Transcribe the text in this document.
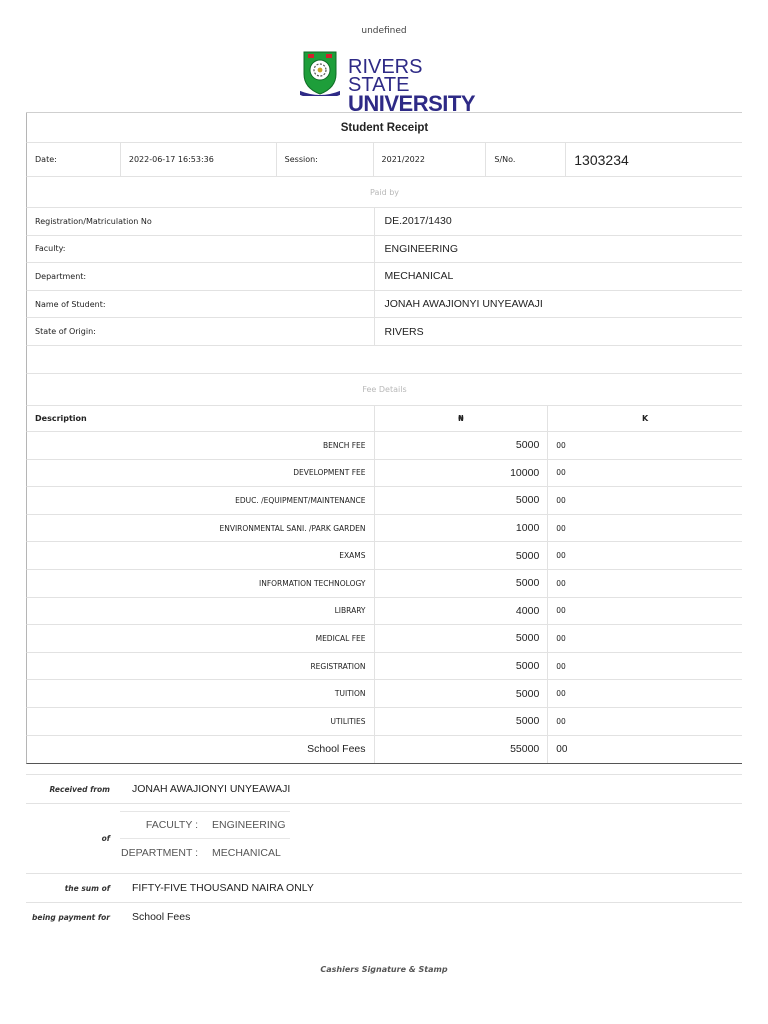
undefined
RIVERS STATE
UNIVERSITY
Student Receipt
Date:	2022-06-17 16:53:36	Session:	2021/2022	S/No.	1303234
Paid by
Registration/Matriculation No	DE.2017/1430
Faculty:	ENGINEERING
Department:	MECHANICAL
Name of Student:	JONAH AWAJIONYI UNYEAWAJI
State of Origin:	RIVERS
Fee Details
Description	₦	K
BENCH FEE	5000	00
DEVELOPMENT FEE	10000	00
EDUC. /EQUIPMENT/MAINTENANCE	5000	00
ENVIRONMENTAL SANI. /PARK GARDEN	1000	00
EXAMS	5000	00
INFORMATION TECHNOLOGY	5000	00
LIBRARY	4000	00
MEDICAL FEE	5000	00
REGISTRATION	5000	00
TUITION	5000	00
UTILITIES	5000	00
School Fees	55000	00
Received from	JONAH AWAJIONYI UNYEAWAJI
of
FACULTY :	ENGINEERING
DEPARTMENT :	MECHANICAL
the sum of	FIFTY-FIVE THOUSAND NAIRA ONLY
being payment for	School Fees
Cashiers Signature & Stamp
